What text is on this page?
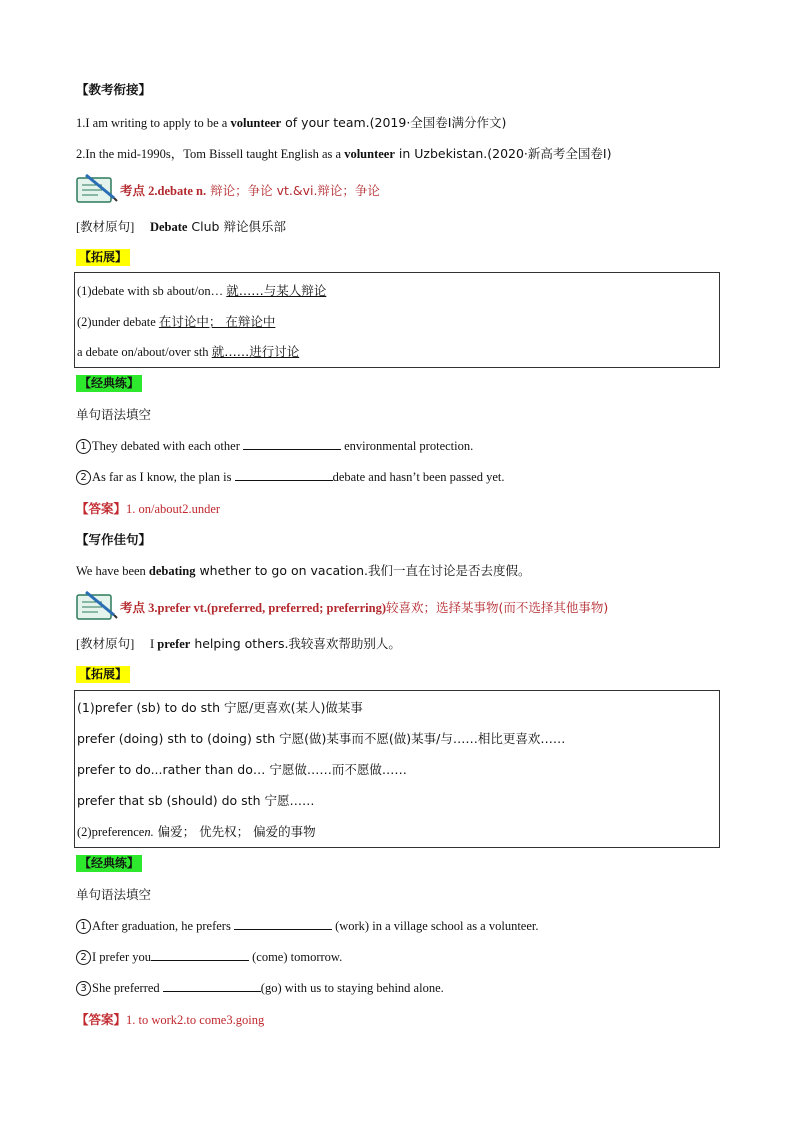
【教考衔接】
1.I am writing to apply to be a volunteer of your team.(2019·全国卷Ⅰ满分作文)
2.In the mid-1990s，Tom Bissell taught English as a volunteer in Uzbekistan.(2020·新高考全国卷Ⅰ)
考点 2.debate n. 辩论；争论 vt.&vi.辩论；争论
[教材原句] Debate Club 辩论俱乐部
【拓展】
(1)debate with sb about/on… 就……与某人辩论
(2)under debate 在讨论中； 在辩论中
a debate on/about/over sth 就……进行讨论
【经典练】
单句语法填空
1 They debated with each other	environmental protection.
2 As far as I know, the plan is	debate and hasn’t been passed yet.
【答案】1. on/about2.under
【写作佳句】
We have been debating whether to go on vacation.我们一直在讨论是否去度假。
考点 3.prefer vt.(preferred, preferred; preferring)较喜欢；选择某事物(而不选择其他事物)
[教材原句] I prefer helping others.我较喜欢帮助别人。
【拓展】
(1)prefer (sb) to do sth 宁愿/更喜欢(某人)做某事
prefer (doing) sth to (doing) sth 宁愿(做)某事而不愿(做)某事/与……相比更喜欢……
prefer to do...rather than do… 宁愿做……而不愿做……
prefer that sb (should) do sth 宁愿……
(2)preferencen. 偏爱； 优先权； 偏爱的事物
【经典练】
单句语法填空
1 After graduation, he prefers	(work) in a village school as a volunteer.
2 I prefer you	(come) tomorrow.
3 She preferred	(go) with us to staying behind alone.
【答案】1. to work2.to come3.going
